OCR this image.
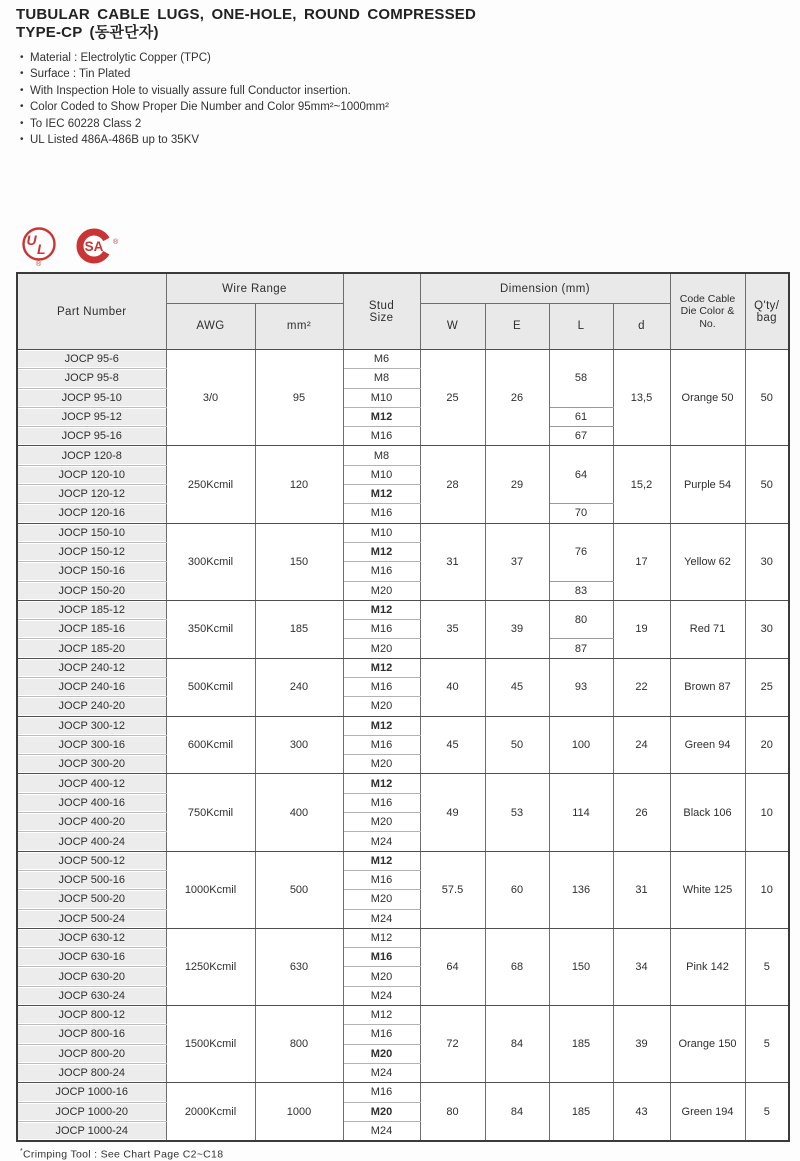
TUBULAR CABLE LUGS, ONE-HOLE, ROUND COMPRESSED
TYPE-CP (동관단자)
• Material : Electrolytic Copper (TPC)
• Surface : Tin Plated
• With Inspection Hole to visually assure full Conductor insertion.
• Color Coded to Show Proper Die Number and Color 95mm²~1000mm²
• To IEC 60228 Class 2
• UL Listed 486A-486B up to 35KV
U
L
®
SA ®
Part Number	Wire Range		Stud
Size	Dimension (mm)				Code Cable Die Color & No.	Q'ty/
bag
	AWG	mm²		W	E	L	d		
JOCP 95-6	3/0	95	M6	25	26	58	13,5	Orange 50	50
JOCP 95-8			M8						
JOCP 95-10			M10						
JOCP 95-12			M12			61			
JOCP 95-16			M16			67			
JOCP 120-8	250Kcmil	120	M8	28	29	64	15,2	Purple 54	50
JOCP 120-10			M10						
JOCP 120-12			M12						
JOCP 120-16			M16			70			
JOCP 150-10	300Kcmil	150	M10	31	37	76	17	Yellow 62	30
JOCP 150-12			M12						
JOCP 150-16			M16						
JOCP 150-20			M20			83			
JOCP 185-12	350Kcmil	185	M12	35	39	80	19	Red 71	30
JOCP 185-16			M16						
JOCP 185-20			M20			87			
JOCP 240-12	500Kcmil	240	M12	40	45	93	22	Brown 87	25
JOCP 240-16			M16						
JOCP 240-20			M20						
JOCP 300-12	600Kcmil	300	M12	45	50	100	24	Green 94	20
JOCP 300-16			M16						
JOCP 300-20			M20						
JOCP 400-12	750Kcmil	400	M12	49	53	114	26	Black 106	10
JOCP 400-16			M16						
JOCP 400-20			M20						
JOCP 400-24			M24						
JOCP 500-12	1000Kcmil	500	M12	57.5	60	136	31	White 125	10
JOCP 500-16			M16						
JOCP 500-20			M20						
JOCP 500-24			M24						
JOCP 630-12	1250Kcmil	630	M12	64	68	150	34	Pink 142	5
JOCP 630-16			M16						
JOCP 630-20			M20						
JOCP 630-24			M24						
JOCP 800-12	1500Kcmil	800	M12	72	84	185	39	Orange 150	5
JOCP 800-16			M16						
JOCP 800-20			M20						
JOCP 800-24			M24						
JOCP 1000-16	2000Kcmil	1000	M16	80	84	185	43	Green 194	5
JOCP 1000-20			M20						
JOCP 1000-24			M24						
*Crimping Tool : See Chart Page C2~C18
